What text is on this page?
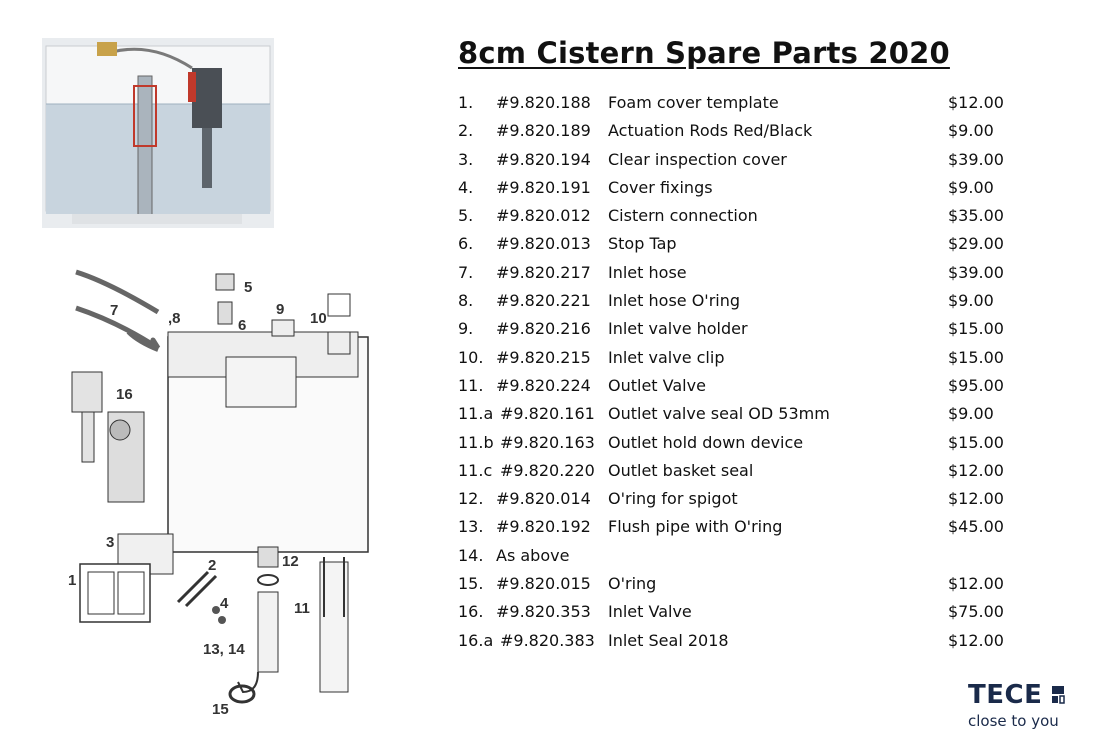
1
2
3
4
5
6
7	,8
9
10
11
12
13, 14
15
16
8cm Cistern Spare Parts 2020
1. #9.820.188 Foam cover template	$12.00
2. #9.820.189 Actuation Rods Red/Black	$9.00
3. #9.820.194 Clear inspection cover	$39.00
4. #9.820.191 Cover fixings	$9.00
5. #9.820.012 Cistern connection	$35.00
6. #9.820.013 Stop Tap	$29.00
7. #9.820.217 Inlet hose	$39.00
8. #9.820.221 Inlet hose O'ring	$9.00
9. #9.820.216 Inlet valve holder	$15.00
10. #9.820.215 Inlet valve clip	$15.00
11. #9.820.224 Outlet Valve	$95.00
11.a #9.820.161 Outlet valve seal OD 53mm	$9.00
11.b #9.820.163 Outlet hold down device	$15.00
11.c #9.820.220 Outlet basket seal	$12.00
12. #9.820.014 O'ring for spigot	$12.00
13. #9.820.192 Flush pipe with O'ring	$45.00
14. As above
15. #9.820.015 O'ring	$12.00
16. #9.820.353 Inlet Valve	$75.00
16.a #9.820.383 Inlet Seal 2018	$12.00
TECE
close to you
